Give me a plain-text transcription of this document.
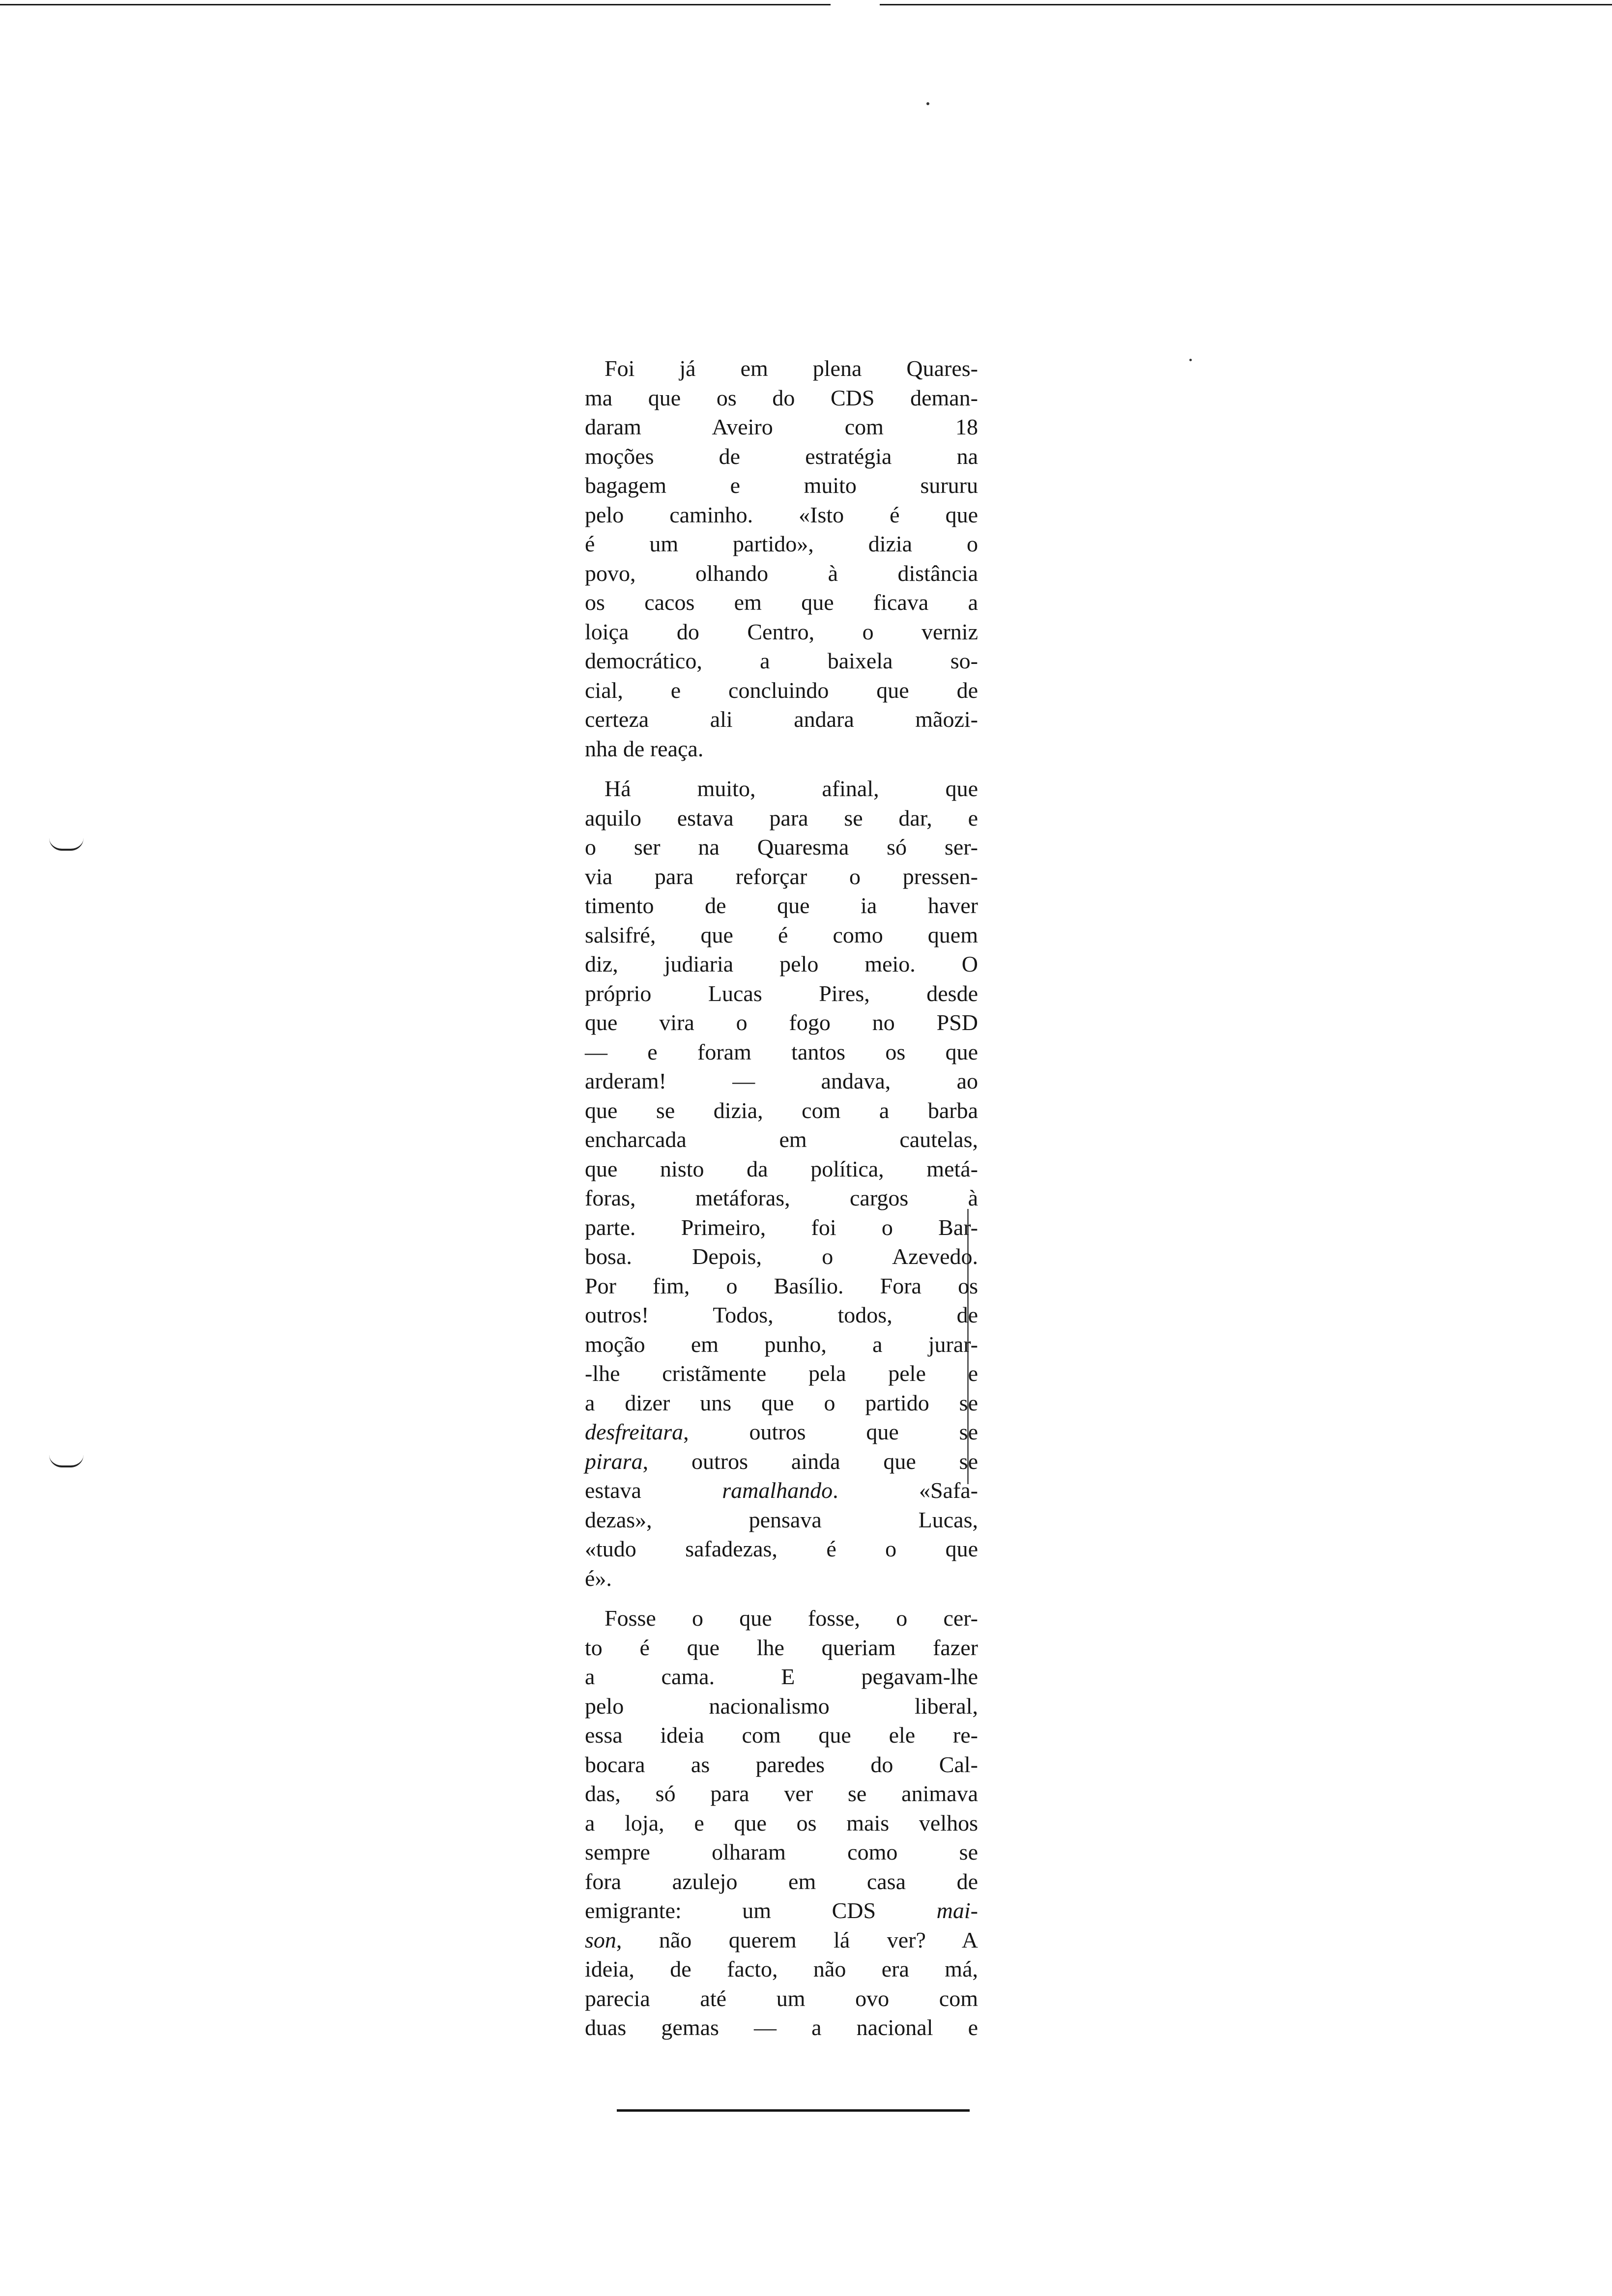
Foi já em plena Quares-
ma que os do CDS deman-
daram Aveiro com 18
moções de estratégia na
bagagem e muito sururu
pelo caminho. «Isto é que
é um partido», dizia o
povo, olhando à distância
os cacos em que ficava a
loiça do Centro, o verniz
democrático, a baixela so-
cial, e concluindo que de
certeza ali andara mãozi-
nha de reaça.

Há muito, afinal, que
aquilo estava para se dar, e
o ser na Quaresma só ser-
via para reforçar o pressen-
timento de que ia haver
salsifré, que é como quem
diz, judiaria pelo meio. O
próprio Lucas Pires, desde
que vira o fogo no PSD
— e foram tantos os que
arderam! — andava, ao
que se dizia, com a barba
encharcada em cautelas,
que nisto da política, metá-
foras, metáforas, cargos à
parte. Primeiro, foi o Bar-
bosa. Depois, o Azevedo.
Por fim, o Basílio. Fora os
outros! Todos, todos, de
moção em punho, a jurar-
-lhe cristãmente pela pele e
a dizer uns que o partido se
desfreitara, outros que se
pirara, outros ainda que se
estava ramalhando. «Safa-
dezas», pensava Lucas,
«tudo safadezas, é o que
é».

Fosse o que fosse, o cer-
to é que lhe queriam fazer
a cama. E pegavam-lhe
pelo nacionalismo liberal,
essa ideia com que ele re-
bocara as paredes do Cal-
das, só para ver se animava
a loja, e que os mais velhos
sempre olharam como se
fora azulejo em casa de
emigrante: um CDS mai-
son, não querem lá ver? A
ideia, de facto, não era má,
parecia até um ovo com
duas gemas — a nacional e
